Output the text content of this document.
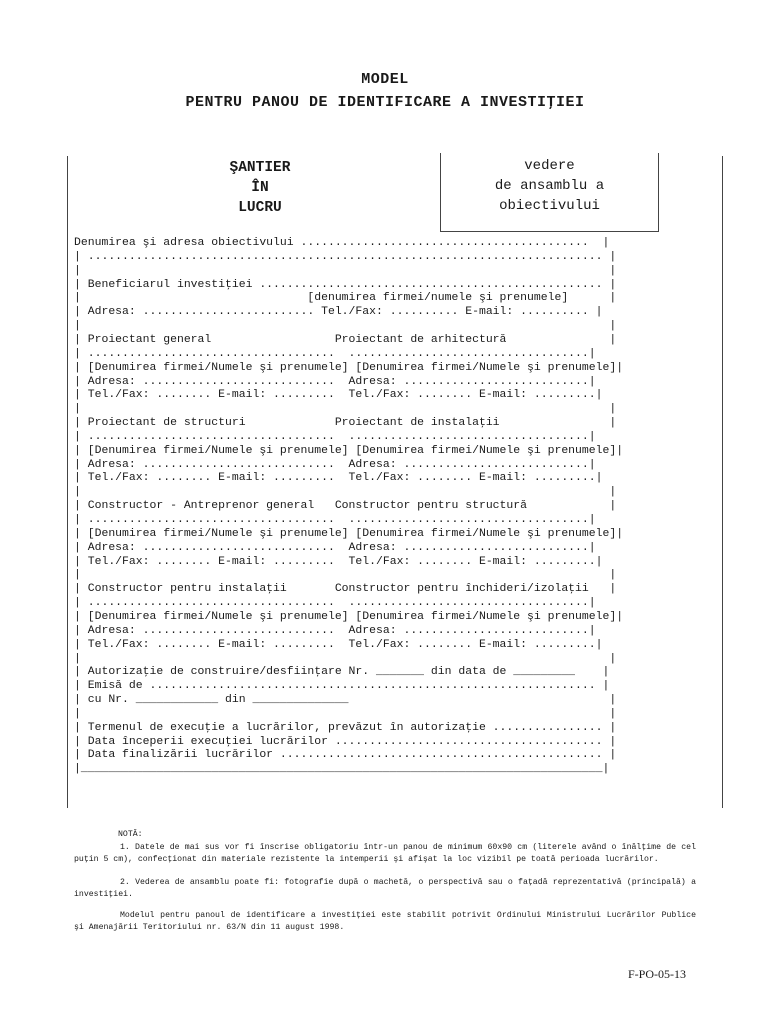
MODEL
PENTRU PANOU DE IDENTIFICARE A INVESTIŢIEI
ŞANTIER
ÎN
LUCRU
vedere
de ansamblu a
obiectivului
Denumirea şi adresa obiectivului ..........................................  |
| ........................................................................... |
|                                                                             |
| Beneficiarul investiţiei .................................................. |
|                                 [denumirea firmei/numele şi prenumele]      |
| Adresa: ......................... Tel./Fax: .......... E-mail: .......... |
|                                                                             |
| Proiectant general                  Proiectant de arhitectură               |
| ....................................  ...................................|
| [Denumirea firmei/Numele şi prenumele] [Denumirea firmei/Numele şi prenumele]|
| Adresa: ............................  Adresa: ...........................|
| Tel./Fax: ........ E-mail: .........  Tel./Fax: ........ E-mail: .........|
|                                                                             |
| Proiectant de structuri             Proiectant de instalaţii                |
| ....................................  ...................................|
| [Denumirea firmei/Numele şi prenumele] [Denumirea firmei/Numele şi prenumele]|
| Adresa: ............................  Adresa: ...........................|
| Tel./Fax: ........ E-mail: .........  Tel./Fax: ........ E-mail: .........|
|                                                                             |
| Constructor - Antreprenor general   Constructor pentru structură            |
| ....................................  ...................................|
| [Denumirea firmei/Numele şi prenumele] [Denumirea firmei/Numele şi prenumele]|
| Adresa: ............................  Adresa: ...........................|
| Tel./Fax: ........ E-mail: .........  Tel./Fax: ........ E-mail: .........|
|                                                                             |
| Constructor pentru instalaţii       Constructor pentru închideri/izolaţii   |
| ....................................  ...................................|
| [Denumirea firmei/Numele şi prenumele] [Denumirea firmei/Numele şi prenumele]|
| Adresa: ............................  Adresa: ...........................|
| Tel./Fax: ........ E-mail: .........  Tel./Fax: ........ E-mail: .........|
|                                                                             |
| Autorizaţie de construire/desfiinţare Nr. _______ din data de _________    |
| Emisă de ................................................................. |
| cu Nr. ____________ din ______________                                      |
|                                                                             |
| Termenul de execuţie a lucrărilor, prevăzut în autorizaţie ................ |
| Data începerii execuţiei lucrărilor ....................................... |
| Data finalizării lucrărilor ............................................... |
|____________________________________________________________________________|
NOTĂ:
1. Datele de mai sus vor fi înscrise obligatoriu într-un panou de minimum 60x90 cm (literele având o înălţime de cel puţin 5 cm), confecţionat din materiale rezistente la intemperii şi afişat la loc vizibil pe toată perioada lucrărilor.
2. Vederea de ansamblu poate fi: fotografie după o machetă, o perspectivă sau o faţadă reprezentativă (principală) a investiţiei.
Modelul pentru panoul de identificare a investiţiei este stabilit potrivit Ordinului Ministrului Lucrărilor Publice şi Amenajării Teritoriului nr. 63/N din 11 august 1998.
F-PO-05-13
